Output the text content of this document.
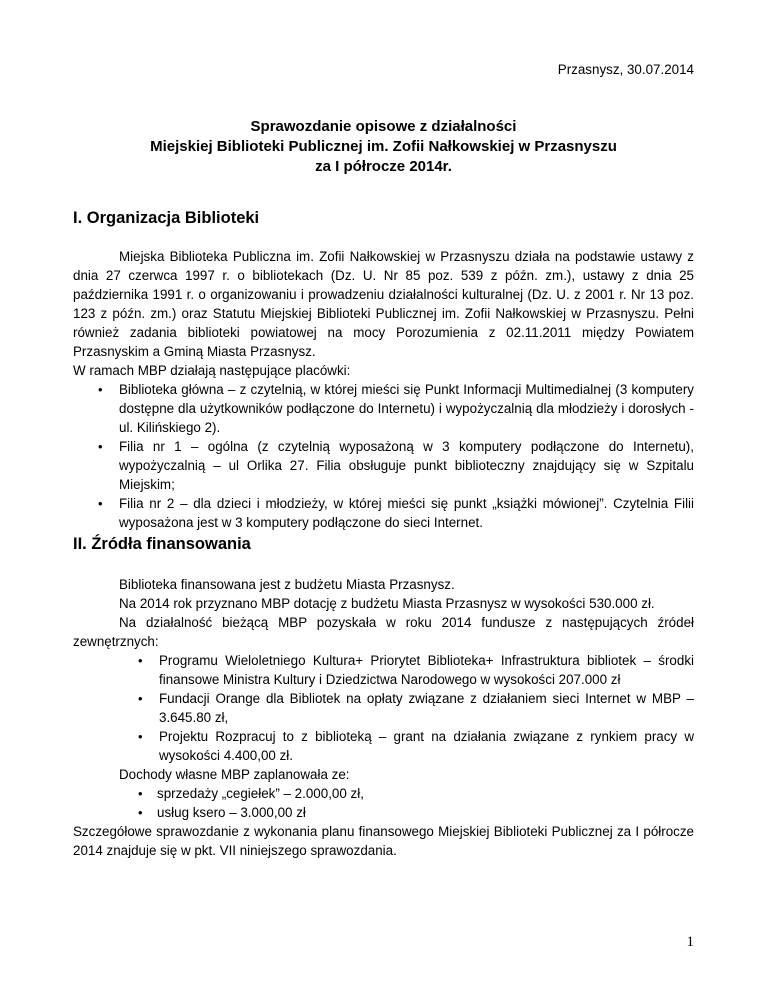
Przasnysz, 30.07.2014
Sprawozdanie opisowe z działalności
Miejskiej Biblioteki Publicznej im. Zofii Nałkowskiej w Przasnyszu
za I półrocze 2014r.
I. Organizacja Biblioteki

Miejska Biblioteka Publiczna im. Zofii Nałkowskiej w Przasnyszu działa na podstawie ustawy z dnia 27 czerwca 1997 r. o bibliotekach (Dz. U. Nr 85 poz. 539 z późn. zm.), ustawy z dnia 25 października 1991 r. o organizowaniu i prowadzeniu działalności kulturalnej (Dz. U. z 2001 r. Nr 13 poz. 123 z późn. zm.) oraz Statutu Miejskiej Biblioteki Publicznej im. Zofii Nałkowskiej w Przasnyszu. Pełni również zadania biblioteki powiatowej na mocy Porozumienia z 02.11.2011 między Powiatem Przasnyskim a Gminą Miasta Przasnysz.

W ramach MBP działają następujące placówki:

• Biblioteka główna – z czytelnią, w której mieści się Punkt Informacji Multimedialnej (3 komputery dostępne dla użytkowników podłączone do Internetu) i wypożyczalnią dla młodzieży i dorosłych - ul. Kilińskiego 2).
• Filia nr 1 – ogólna (z czytelnią wyposażoną w 3 komputery podłączone do Internetu), wypożyczalnią – ul Orlika 27. Filia obsługuje punkt biblioteczny znajdujący się w Szpitalu Miejskim;
• Filia nr 2 – dla dzieci i młodzieży, w której mieści się punkt „książki mówionej”. Czytelnia Filii wyposażona jest w 3 komputery podłączone do sieci Internet.
II. Źródła finansowania

Biblioteka finansowana jest z budżetu Miasta Przasnysz.

Na 2014 rok przyznano MBP dotację z budżetu Miasta Przasnysz w wysokości 530.000 zł.

Na działalność bieżącą MBP pozyskała w roku 2014 fundusze z następujących źródeł zewnętrznych:

• Programu Wieloletniego Kultura+ Priorytet Biblioteka+ Infrastruktura bibliotek – środki finansowe Ministra Kultury i Dziedzictwa Narodowego w wysokości 207.000 zł
• Fundacji Orange dla Bibliotek na opłaty związane z działaniem sieci Internet w MBP – 3.645.80 zł,
• Projektu Rozpracuj to z biblioteką – grant na działania związane z rynkiem pracy w wysokości 4.400,00 zł.

Dochody własne MBP zaplanowała ze:

• sprzedaży „cegiełek” – 2.000,00 zł,
• usług ksero – 3.000,00 zł

Szczegółowe sprawozdanie z wykonania planu finansowego Miejskiej Biblioteki Publicznej za I półrocze 2014 znajduje się w pkt. VII niniejszego sprawozdania.

1
